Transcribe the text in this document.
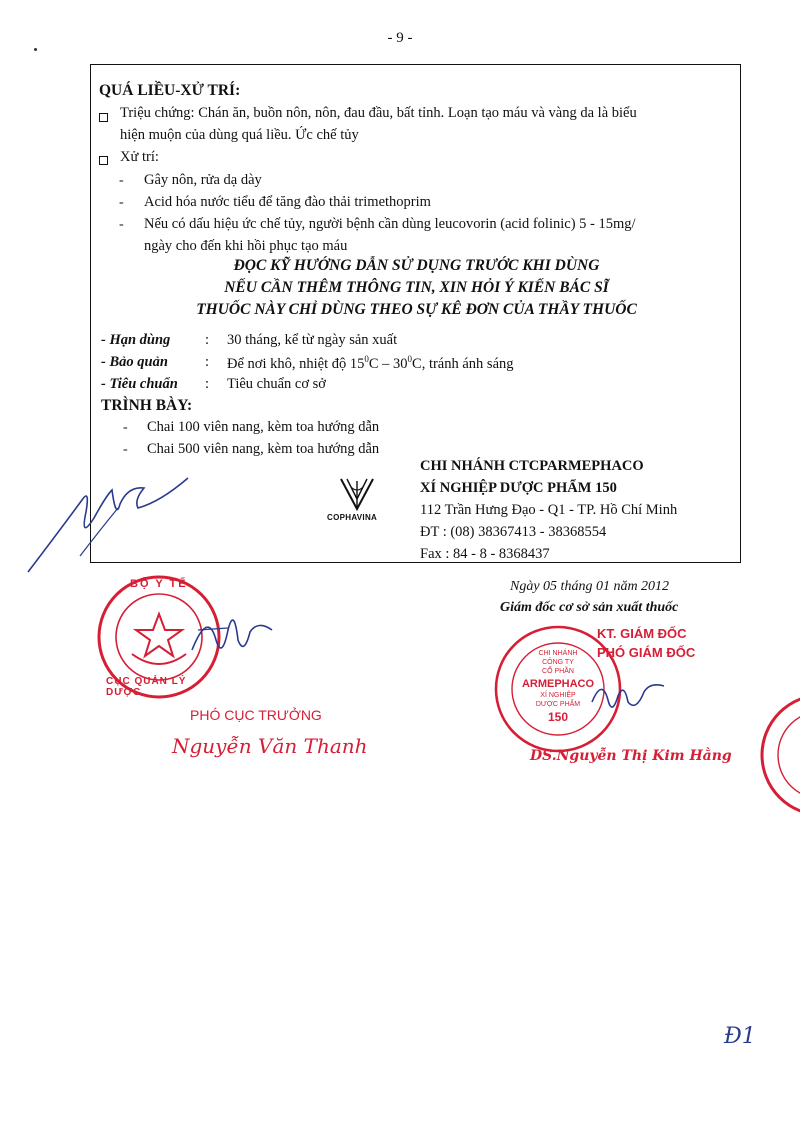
- 9 -
QUÁ LIỀU-XỬ TRÍ:
Triệu chứng: Chán ăn, buồn nôn, nôn, đau đầu, bất tỉnh. Loạn tạo máu và vàng da là biểu
hiện muộn của dùng quá liều. Ức chế tủy
Xử trí:
- Gây nôn, rửa dạ dày
- Acid hóa nước tiểu để tăng đào thải trimethoprim
- Nếu có dấu hiệu ức chế tủy, người bệnh cần dùng leucovorin (acid folinic) 5 - 15mg/
ngày cho đến khi hồi phục tạo máu
ĐỌC KỸ HƯỚNG DẪN SỬ DỤNG TRƯỚC KHI DÙNG
NẾU CẦN THÊM THÔNG TIN, XIN HỎI Ý KIẾN BÁC SĨ
THUỐC NÀY CHỈ DÙNG THEO SỰ KÊ ĐƠN CỦA THẦY THUỐC
- Hạn dùng : 30 tháng, kể từ ngày sản xuất
- Bảo quản	: Để nơi khô, nhiệt độ $15^0C - 30^0C$, tránh ánh sáng
- Tiêu chuẩn : Tiêu chuẩn cơ sở
TRÌNH BÀY:
- Chai 100 viên nang, kèm toa hướng dẫn
- Chai 500 viên nang, kèm toa hướng dẫn
COPHAVINA
CHI NHÁNH CTCPARMEPHACO
XÍ NGHIỆP DƯỢC PHẨM 150
112 Trần Hưng Đạo - Q1 - TP. Hồ Chí Minh
ĐT : (08) 38367413 - 38368554
Fax : 84 - 8 - 8368437
BỘ Y TẾ
CỤC QUẢN LÝ DƯỢC
PHÓ CỤC TRƯỞNG
Nguyễn Văn Thanh
Ngày 05 tháng 01 năm 2012
Giám đốc cơ sở sản xuất thuốc
KT. GIÁM ĐỐC
PHÓ GIÁM ĐỐC
CHI NHÁNH
CÔNG TY
CỔ PHẦN
ARMEPHACO
XÍ NGHIỆP
DƯỢC PHẨM
150
DS.Nguyễn Thị Kim Hằng
Đ1
